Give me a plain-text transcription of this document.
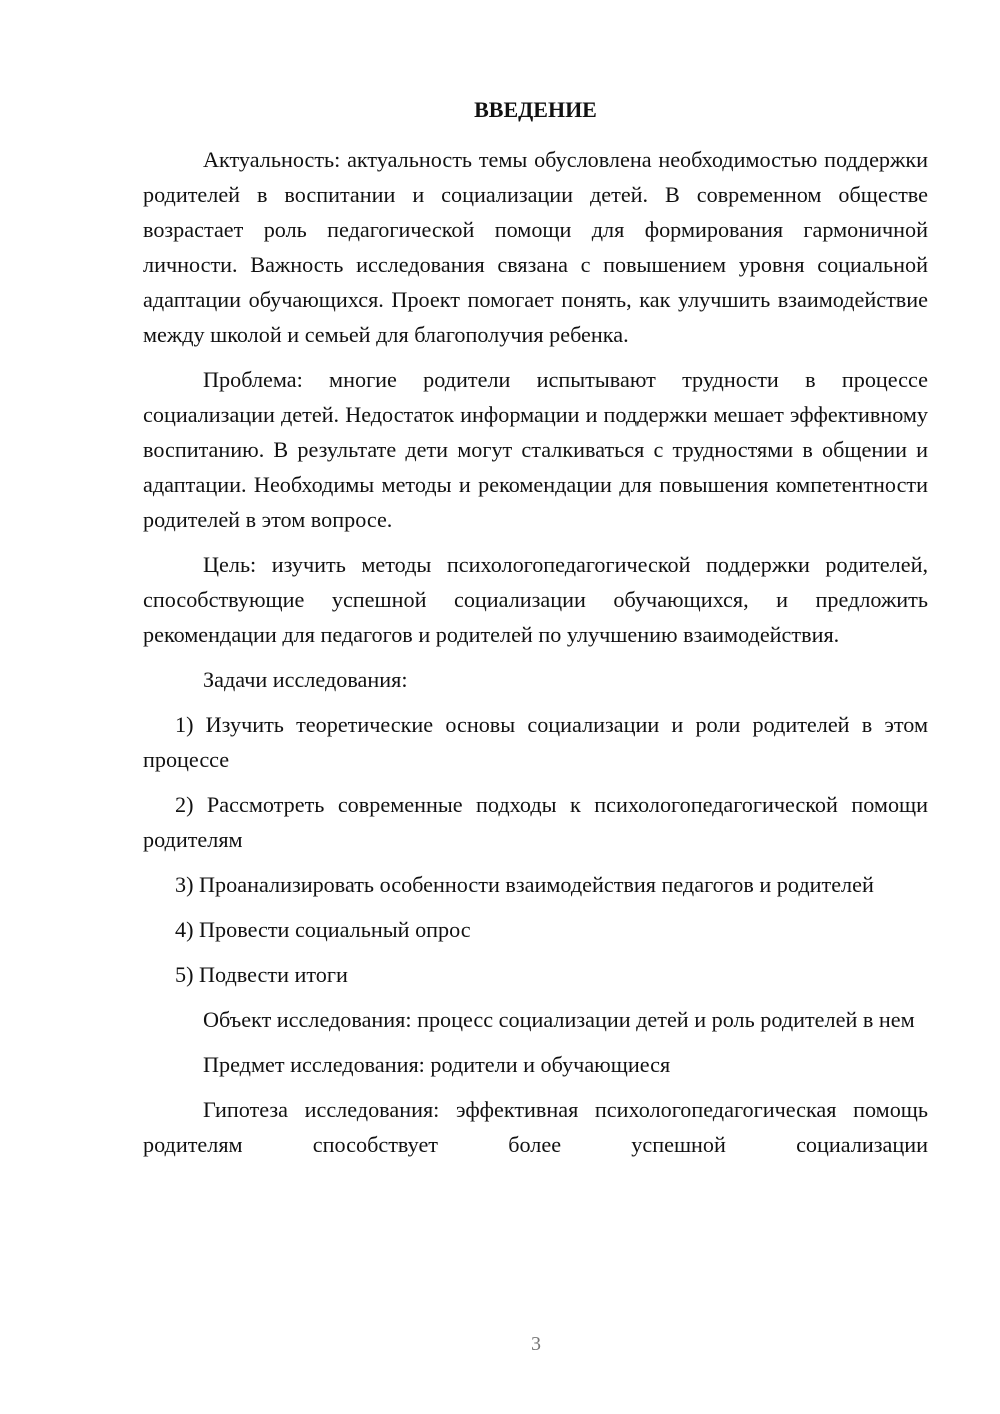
ВВЕДЕНИЕ
Актуальность: актуальность темы обусловлена необходимостью поддержки родителей в воспитании и социализации детей. В современном обществе возрастает роль педагогической помощи для формирования гармоничной личности. Важность исследования связана с повышением уровня социальной адаптации обучающихся. Проект помогает понять, как улучшить взаимодействие между школой и семьей для благополучия ребенка.
Проблема: многие родители испытывают трудности в процессе социализации детей. Недостаток информации и поддержки мешает эффективному воспитанию. В результате дети могут сталкиваться с трудностями в общении и адаптации. Необходимы методы и рекомендации для повышения компетентности родителей в этом вопросе.
Цель: изучить методы психологопедагогической поддержки родителей, способствующие успешной социализации обучающихся, и предложить рекомендации для педагогов и родителей по улучшению взаимодействия.
Задачи исследования:
1) Изучить теоретические основы социализации и роли родителей в этом процессе
2) Рассмотреть современные подходы к психологопедагогической помощи родителям
3) Проанализировать особенности взаимодействия педагогов и родителей
4) Провести социальный опрос
5) Подвести итоги
Объект исследования: процесс социализации детей и роль родителей в нем
Предмет исследования: родители и обучающиеся
Гипотеза исследования: эффективная психологопедагогическая помощь родителям способствует более успешной социализации
3
